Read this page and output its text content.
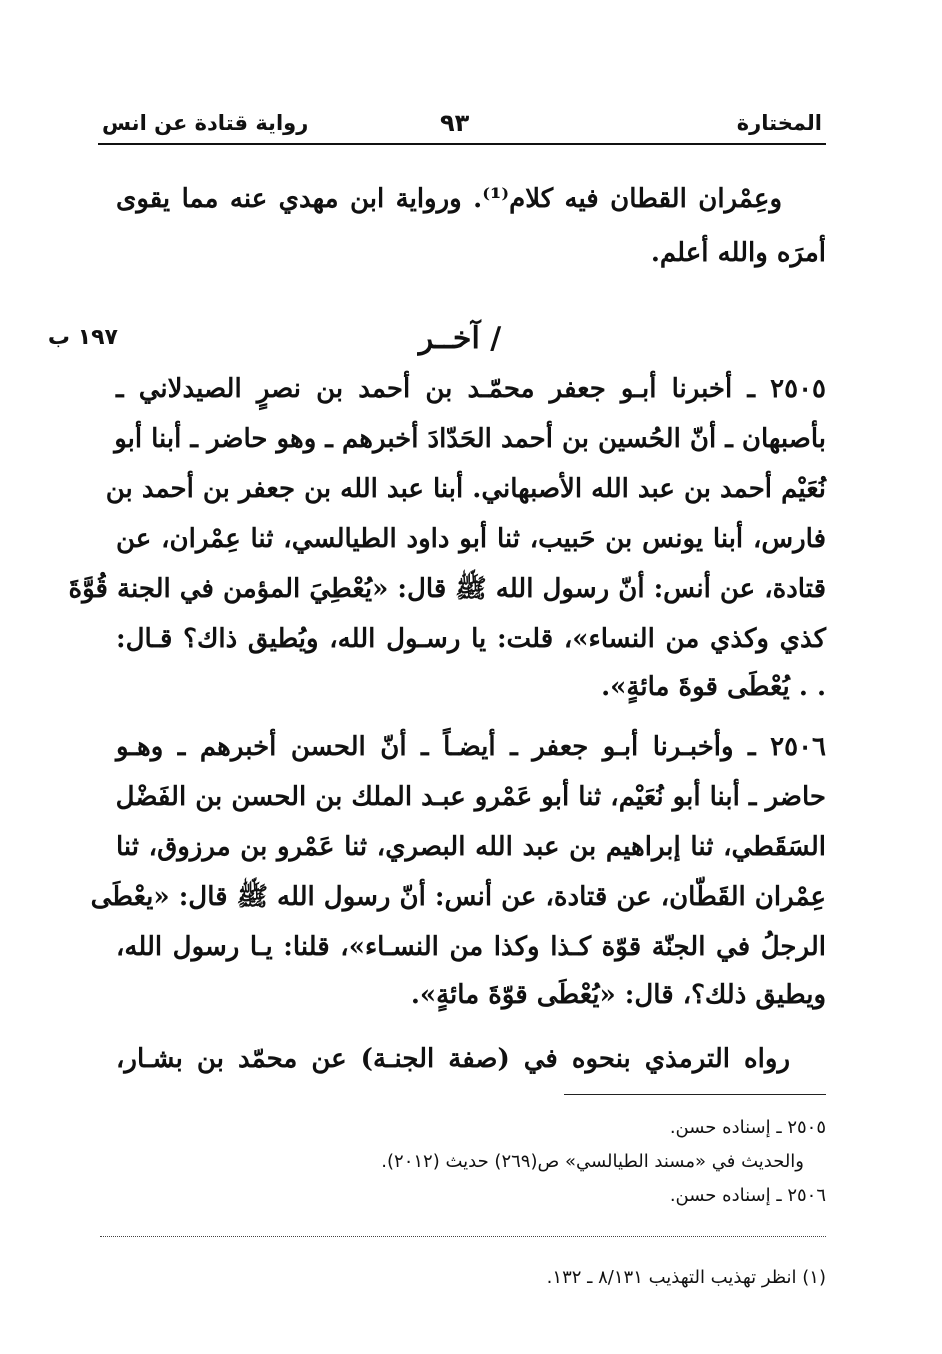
المختارة
٩٣
رواية قتادة عن انس
وعِمْران القطان فيه كلام⁽¹⁾. ورواية ابن مهدي عنه مما يقوى
أمرَه والله أعلم.
/ آخــر
١٩٧ ب
٢٥٠٥ ـ أخبرنا أبـو جعفر محمّـد بن أحمد بن نصرٍ الصيدلاني ـ
بأصبهان ـ أنّ الحُسين بن أحمد الحَدّادَ أخبرهم ـ وهو حاضر ـ أبنا أبو
نُعَيْم أحمد بن عبد الله الأصبهاني. أبنا عبد الله بن جعفر بن أحمد بن
فارس، أبنا يونس بن حَبيب، ثنا أبو داود الطيالسي، ثنا عِمْران، عن
قتادة، عن أنس: أنّ رسول الله ﷺ قال: «يُعْطِيَ المؤمن في الجنة قُوَّةَ
كذي وكذي من النساء»، قلت: يا رسـول الله، ويُطيق ذاك؟ قـال:
. . يُعْطَى قوةَ مائةٍ».
٢٥٠٦ ـ وأخبـرنا أبـو جعفر ـ أيضـاً ـ أنّ الحسن أخبرهم ـ وهـو
حاضر ـ أبنا أبو نُعَيْم، ثنا أبو عَمْرو عبـد الملك بن الحسن بن الفَضْل
السَقَطي، ثنا إبراهيم بن عبد الله البصري، ثنا عَمْرو بن مرزوق، ثنا
عِمْران القَطّان، عن قتادة، عن أنس: أنّ رسول الله ﷺ قال: «يعْطَى
الرجلُ في الجنّة قوّة كـذا وكذا من النسـاء»، قلنا: يـا رسول الله،
ويطيق ذلك؟، قال: «يُعْطَى قوّةَ مائةٍ».
رواه الترمذي بنحوه في (صفة الجنـة) عن محمّد بن بشـار،
٢٥٠٥ ـ إسناده حسن.
والحديث في «مسند الطيالسي» ص(٢٦٩) حديث (٢٠١٢).
٢٥٠٦ ـ إسناده حسن.
(١) انظر تهذيب التهذيب ٨/١٣١ ـ ١٣٢.
